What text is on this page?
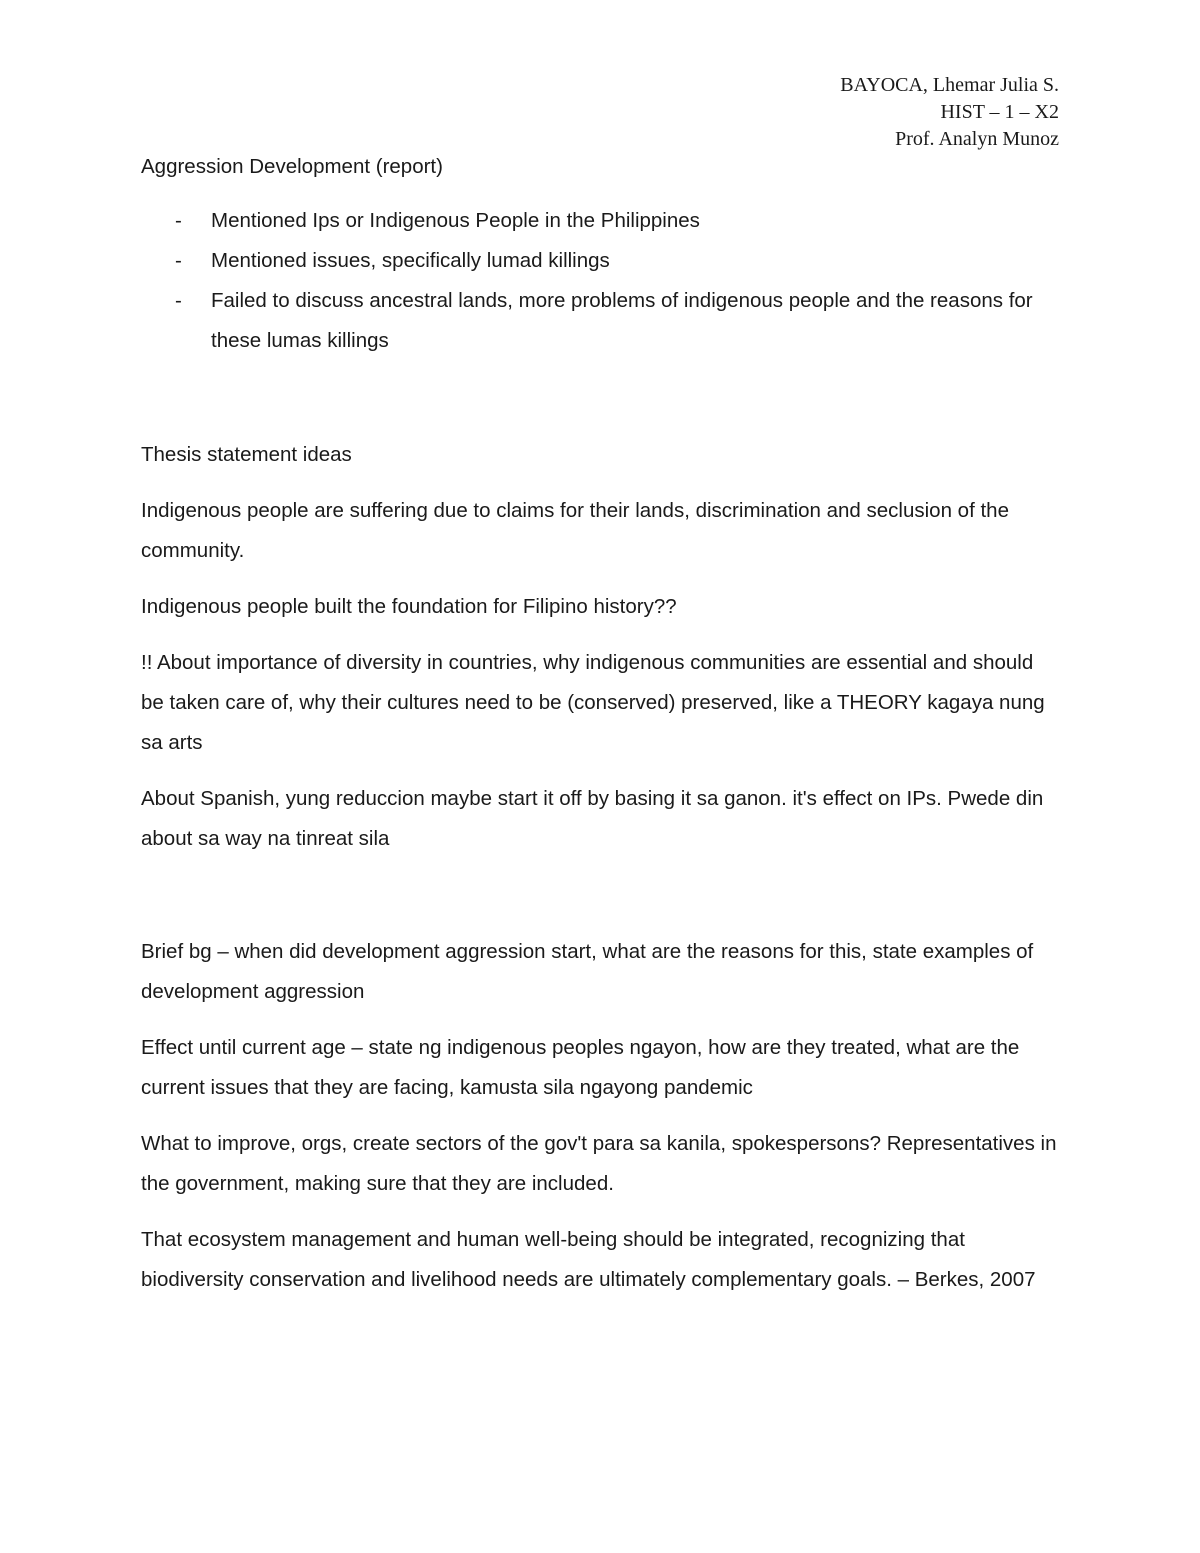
BAYOCA, Lhemar Julia S.
HIST – 1 – X2
Prof. Analyn Munoz

Aggression Development (report)

- Mentioned Ips or Indigenous People in the Philippines
- Mentioned issues, specifically lumad killings
- Failed to discuss ancestral lands, more problems of indigenous people and the reasons for these lumas killings

Thesis statement ideas

Indigenous people are suffering due to claims for their lands, discrimination and seclusion of the community.

Indigenous people built the foundation for Filipino history??

!! About importance of diversity in countries, why indigenous communities are essential and should be taken care of, why their cultures need to be (conserved) preserved, like a THEORY kagaya nung sa arts

About Spanish, yung reduccion maybe start it off by basing it sa ganon. it's effect on IPs. Pwede din about sa way na tinreat sila

Brief bg – when did development aggression start, what are the reasons for this, state examples of development aggression

Effect until current age – state ng indigenous peoples ngayon, how are they treated, what are the current issues that they are facing, kamusta sila ngayong pandemic

What to improve, orgs, create sectors of the gov't para sa kanila, spokespersons? Representatives in the government, making sure that they are included.

That ecosystem management and human well-being should be integrated, recognizing that biodiversity conservation and livelihood needs are ultimately complementary goals. – Berkes, 2007
